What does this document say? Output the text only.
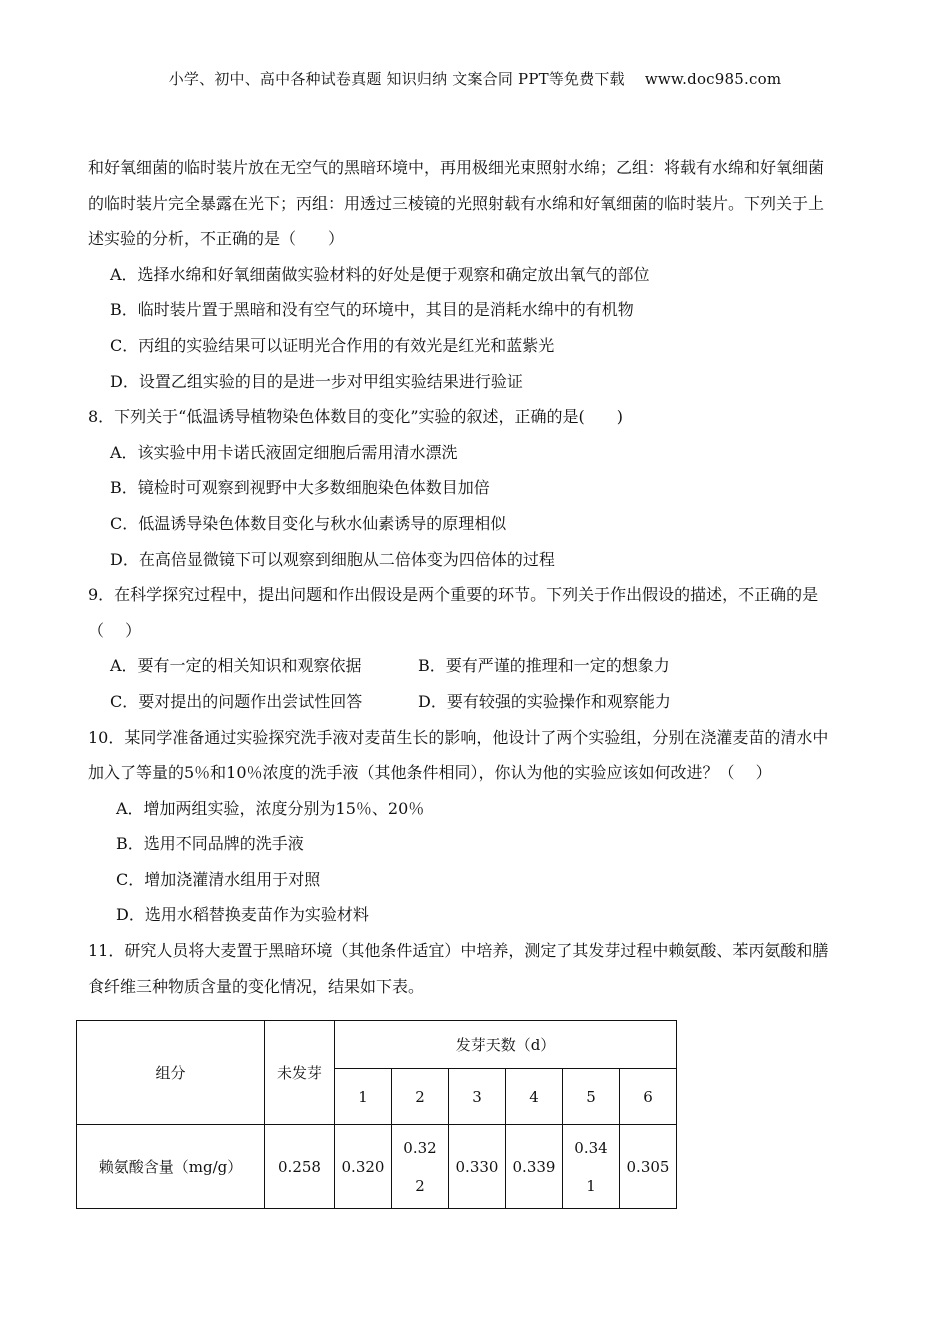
小学、初中、高中各种试卷真题 知识归纳 文案合同 PPT等免费下载 www.doc985.com
和好氧细菌的临时装片放在无空气的黑暗环境中，再用极细光束照射水绵；乙组：将载有水绵和好氧细菌
的临时装片完全暴露在光下；丙组：用透过三棱镜的光照射载有水绵和好氧细菌的临时装片。下列关于上
述实验的分析，不正确的是（　　）
A．选择水绵和好氧细菌做实验材料的好处是便于观察和确定放出氧气的部位
B．临时装片置于黑暗和没有空气的环境中，其目的是消耗水绵中的有机物
C．丙组的实验结果可以证明光合作用的有效光是红光和蓝紫光
D．设置乙组实验的目的是进一步对甲组实验结果进行验证
8．下列关于“低温诱导植物染色体数目的变化”实验的叙述，正确的是(　　)
A．该实验中用卡诺氏液固定细胞后需用清水漂洗
B．镜检时可观察到视野中大多数细胞染色体数目加倍
C．低温诱导染色体数目变化与秋水仙素诱导的原理相似
D．在高倍显微镜下可以观察到细胞从二倍体变为四倍体的过程
9．在科学探究过程中，提出问题和作出假设是两个重要的环节。下列关于作出假设的描述，不正确的是
（　 ）
A．要有一定的相关知识和观察依据	B．要有严谨的推理和一定的想象力
C．要对提出的问题作出尝试性回答	D．要有较强的实验操作和观察能力
10．某同学准备通过实验探究洗手液对麦苗生长的影响，他设计了两个实验组，分别在浇灌麦苗的清水中
加入了等量的5％和10％浓度的洗手液（其他条件相同），你认为他的实验应该如何改进？（　 ）
A．增加两组实验，浓度分别为15％、20％
B．选用不同品牌的洗手液
C．增加浇灌清水组用于对照
D．选用水稻替换麦苗作为实验材料
11．研究人员将大麦置于黑暗环境（其他条件适宜）中培养，测定了其发芽过程中赖氨酸、苯丙氨酸和膳
食纤维三种物质含量的变化情况，结果如下表。
组分	未发芽	发芽天数（d）					
		1	2	3	4	5	6
赖氨酸含量（mg/g）	0.258	0.320	0.322	0.330	0.339	0.341	0.305
